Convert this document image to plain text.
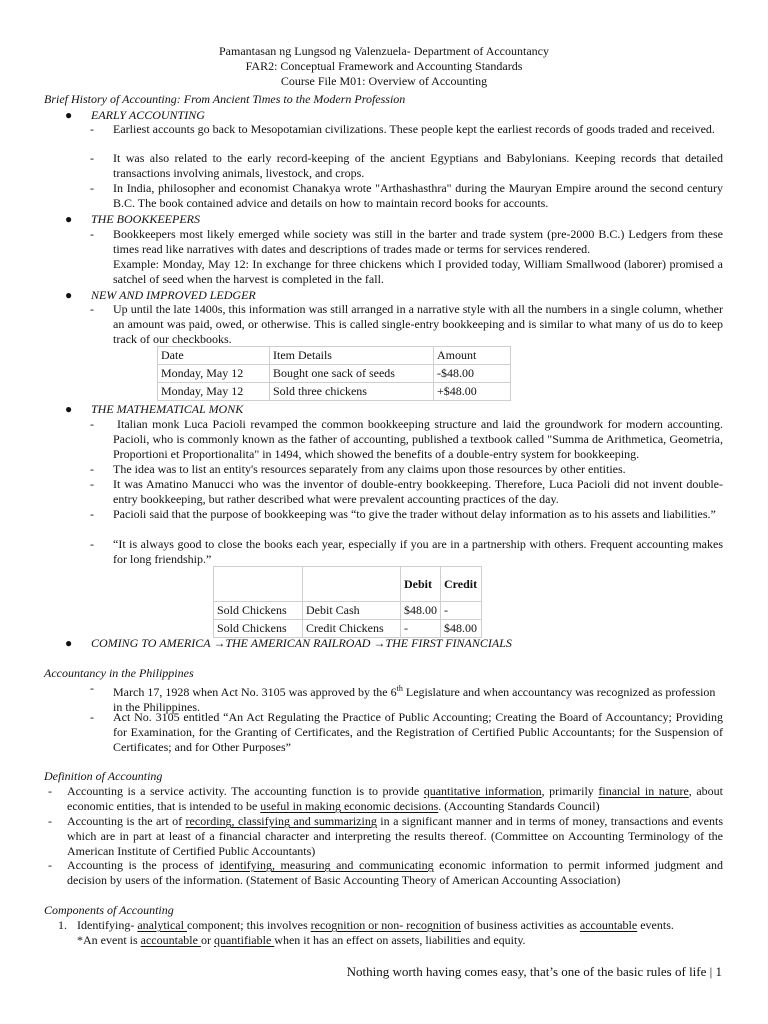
Pamantasan ng Lungsod ng Valenzuela- Department of Accountancy
FAR2: Conceptual Framework and Accounting Standards
Course File M01: Overview of Accounting
Brief History of Accounting: From Ancient Times to the Modern Profession
● EARLY ACCOUNTING
- Earliest accounts go back to Mesopotamian civilizations. These people kept the earliest records of goods traded and received.
- It was also related to the early record-keeping of the ancient Egyptians and Babylonians. Keeping records that detailed transactions involving animals, livestock, and crops.
- In India, philosopher and economist Chanakya wrote "Arthashasthra" during the Mauryan Empire around the second century B.C. The book contained advice and details on how to maintain record books for accounts.
● THE BOOKKEEPERS
- Bookkeepers most likely emerged while society was still in the barter and trade system (pre-2000 B.C.) Ledgers from these times read like narratives with dates and descriptions of trades made or terms for services rendered.
Example: Monday, May 12: In exchange for three chickens which I provided today, William Smallwood (laborer) promised a satchel of seed when the harvest is completed in the fall.
● NEW AND IMPROVED LEDGER
- Up until the late 1400s, this information was still arranged in a narrative style with all the numbers in a single column, whether an amount was paid, owed, or otherwise. This is called single-entry bookkeeping and is similar to what many of us do to keep track of our checkbooks.
Date	Item Details	Amount
Monday, May 12	Bought one sack of seeds	-$48.00
Monday, May 12	Sold three chickens	+$48.00
● THE MATHEMATICAL MONK
-	Italian monk Luca Pacioli revamped the common bookkeeping structure and laid the groundwork for modern accounting. Pacioli, who is commonly known as the father of accounting, published a textbook called "Summa de Arithmetica, Geometria, Proportioni et Proportionalita" in 1494, which showed the benefits of a double-entry system for bookkeeping.
- The idea was to list an entity's resources separately from any claims upon those resources by other entities.
- It was Amatino Manucci who was the inventor of double-entry bookkeeping. Therefore, Luca Pacioli did not invent double-entry bookkeeping, but rather described what were prevalent accounting practices of the day.
- Pacioli said that the purpose of bookkeeping was “to give the trader without delay information as to his assets and liabilities.”
- “It is always good to close the books each year, especially if you are in a partnership with others. Frequent accounting makes for long friendship.”
		Debit	Credit
Sold Chickens	Debit Cash	$48.00	-
Sold Chickens	Credit Chickens	-	$48.00
● COMING TO AMERICA →THE AMERICAN RAILROAD →THE FIRST FINANCIALS
Accountancy in the Philippines
- March 17, 1928 when Act No. 3105 was approved by the 6th Legislature and when accountancy was recognized as profession in the Philippines.
- Act No. 3105 entitled “An Act Regulating the Practice of Public Accounting; Creating the Board of Accountancy; Providing for Examination, for the Granting of Certificates, and the Registration of Certified Public Accountants; for the Suspension of Certificates; and for Other Purposes”
Definition of Accounting
- Accounting is a service activity. The accounting function is to provide quantitative information, primarily financial in nature, about economic entities, that is intended to be useful in making economic decisions. (Accounting Standards Council)
- Accounting is the art of recording, classifying and summarizing in a significant manner and in terms of money, transactions and events which are in part at least of a financial character and interpreting the results thereof. (Committee on Accounting Terminology of the American Institute of Certified Public Accountants)
- Accounting is the process of identifying, measuring and communicating economic information to permit informed judgment and decision by users of the information. (Statement of Basic Accounting Theory of American Accounting Association)
Components of Accounting
1. Identifying- analytical component; this involves recognition or non- recognition of business activities as accountable events.
*An event is accountable or quantifiable when it has an effect on assets, liabilities and equity.
Nothing worth having comes easy, that’s one of the basic rules of life | 1
